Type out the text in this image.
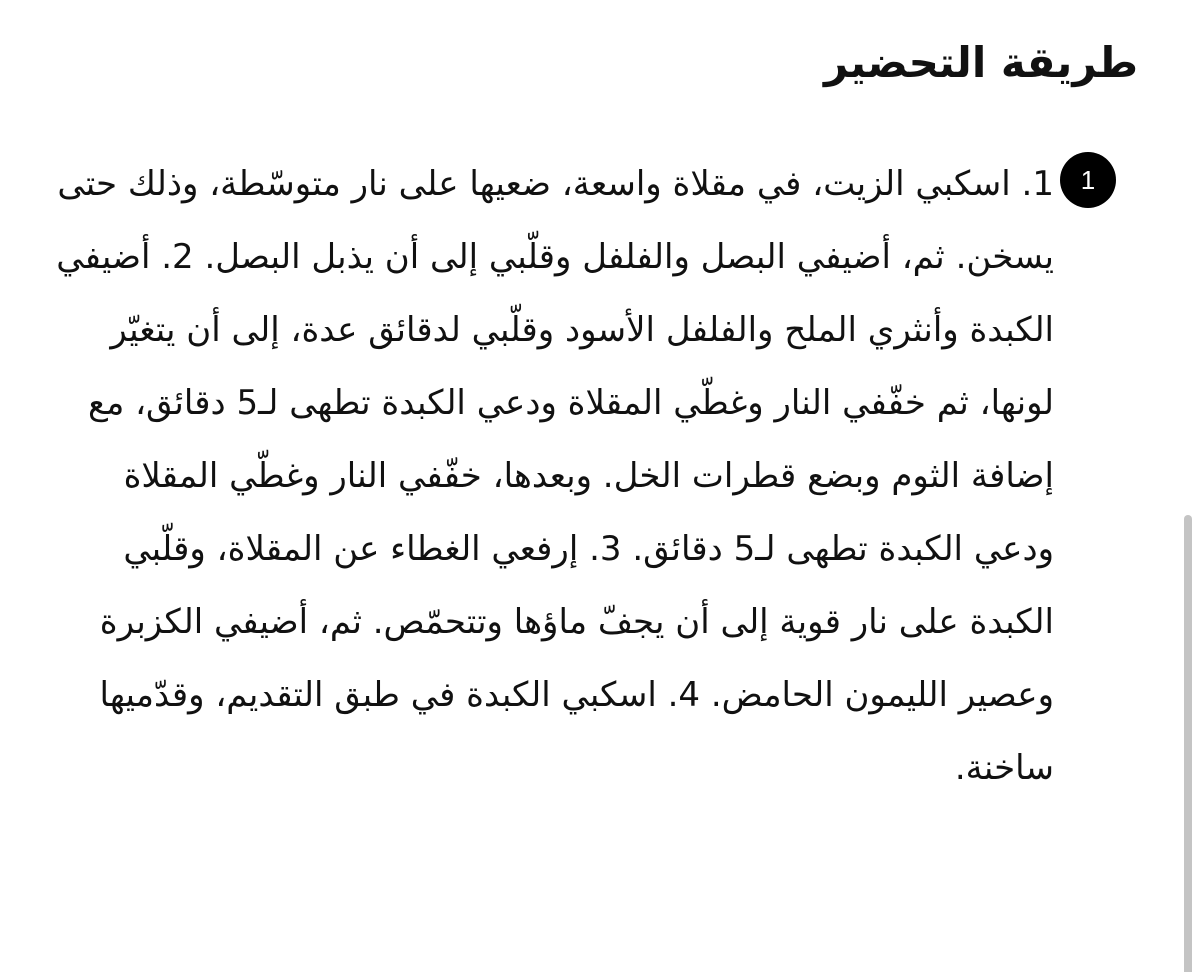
طريقة التحضير
1

1. اسكبي الزيت، في مقلاة واسعة، ضعيها على نار متوسّطة، وذلك حتى يسخن. ثم، أضيفي البصل والفلفل وقلّبي إلى أن يذبل البصل. 2. أضيفي الكبدة وأنثري الملح والفلفل الأسود وقلّبي لدقائق عدة، إلى أن يتغيّر لونها، ثم خفّفي النار وغطّي المقلاة ودعي الكبدة تطهى لـ5 دقائق، مع إضافة الثوم وبضع قطرات الخل. وبعدها، خفّفي النار وغطّي المقلاة ودعي الكبدة تطهى لـ5 دقائق. 3. إرفعي الغطاء عن المقلاة، وقلّبي الكبدة على نار قوية إلى أن يجفّ ماؤها وتتحمّص. ثم، أضيفي الكزبرة وعصير الليمون الحامض. 4. اسكبي الكبدة في طبق التقديم، وقدّميها ساخنة.
